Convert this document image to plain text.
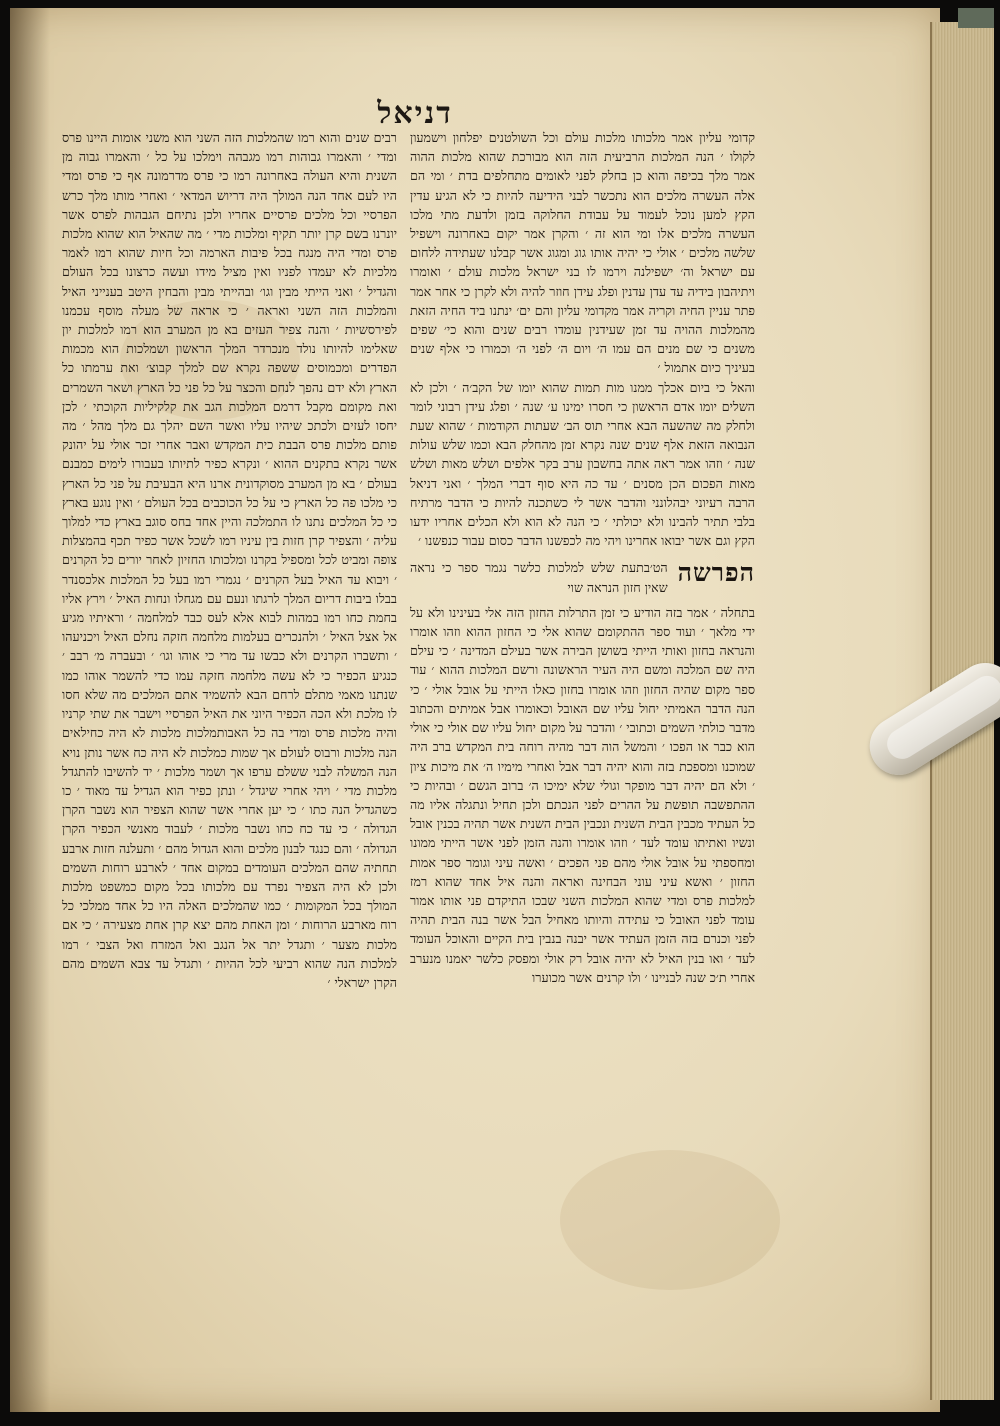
דניאל

קדומי עליון אמר מלכותו מלכות עולם וכל השולטנים יפלחון וישמעון לקולו ׳ הנה המלכות הרביעית הזה הוא מבורכת שהוא מלכות ההוה אמר מלך בכיפה והוא כן בחלק לפני לאומים מתחלפים בדת ׳ ומי הם אלה העשרה מלכים הוא נתכשר לבני הידיעה להיות כי לא הגיע עדין הקץ למען נוכל לעמוד על עבודת החלוקה בזמן ולדעת מתי מלכו העשרה מלכים אלו ומי הוא זה ׳ והקרן אמר יקום באחרונה וישפיל שלשה מלכים ׳ אולי כי יהיה אותו גוג ומגוג אשר קבלנו שעתידה ללחום עם ישראל וה׳ ישפילנה וירמו לו בני ישראל מלכות עולם ׳ ואומרו ויתיהבון בידיה עד עדן עדנין ופלג עידן חוזר להיה ולא לקרן כי אחר אמר פתר עניין החיה וקריה אמר מקדומי עליון והם ים׳ ינתנו ביד החיה הזאת מהמלכות ההויה עד זמן שעידנין עומדו רבים שנים והוא כי׳ שפים משנים כי שם מנים הם עמו ה׳ ויום ה׳ לפני ה׳ וכמורו כי אלף שנים בעיניך כיום אתמול ׳

והאל כי ביום אכלך ממנו מות תמות שהוא יומו של הקב׳ה ׳ ולכן לא השלים יומו אדם הראשון כי חסרו ימינו ע׳ שנה ׳ ופלג עידן רבוני לומר ולחלק מה שהשעה הבא אחרי תוס הב׳ שעתות הקודמות ׳ שהוא שעת הנבואה הזאת אלף שנים שנה נקרא זמן מהחלק הבא וכמו שלש עולות שנה ׳ וזהו אמר ראה אתה בחשבון ערב בקר אלפים ושלש מאות ושלש מאות הפכום הכן מסנים ׳ עד כה היא סוף דברי המלך ׳ ואני דניאל הרבה רעיוני יבהלונני והדבר אשר לי כשתכנה להיות כי הדבר מרתיח בלבי תתיר להבינו ולא יכולתי ׳ כי הנה לא הוא ולא הכלים אחריו ידעו הקץ וגם אשר יבואו אחרינו ויהי מה לכפשנו הדבר כסום עבור כנפשנו ׳

הפרשה
הט׳בתעת שלש למלכות כלשר נגמר ספר כי נראה שאין חזון הנראה שוי

בתחלה ׳ אמר בזה הודיע כי זמן התרלות החזון הזה אלי בעינינו ולא על ידי מלאך ׳ ועוד ספר ההתקומם שהוא אלי כי החזון ההוא וזהו אומרו והנראה בחזון ואותי הייתי בשושן הבירה אשר בעילם המדינה ׳ כי עילם היה שם המלכה ומשם היה העיר הראשונה ורשם המלכות ההוא ׳ עוד ספר מקום שהיה החזון וזהו אומרו בחזון כאלו הייתי על אובל אולי ׳ כי הנה הדבר האמיתי יחול עליו שם האובל וכאומרו אבל אמיתים והכתוב מדבר כולתי השמים וכתובי ׳ והדבר על מקום יחול עליו שם אולי כי אולי הוא כבר או הפכו ׳ והמשל הוה דבר מהיה רוחה בית המקדש ברב היה שמוכנו ומספכת בזה והוא יהיה דבר אבל ואחרי מימיו ה׳ את מיכות ציון ׳ ולא הם יהיה דבר מופקר וגולי שלא ימיכו ה׳ ברוב הגשם ׳ ובהיות כי ההתפשבה תופשת על ההרים לפני הנכתם ולכן תחיל ונתגלה אליו מה כל העתיד מכבין הבית השנית ונכבין הבית השנית אשר תהיה בכנין אובל ונשיו ואתיתו עומד לעד ׳ וזהו אומרו והנה הזמן לפני אשר הייתי ממונו ומחספתי על אובל אולי מהם פני הפכים ׳ ואשה עיני וגומר ספר אמות החזון ׳ ואשא עיני עוני הבחינה ואראה והנה איל אחד שהוא רמז למלכות פרס ומדי שהוא המלכות השני שבכו התיקדם פני אותו אמור עומד לפני האובל כי עתידה והיותו מאחיל הבל אשר בנה הבית תהיה לפני וכנרם בזה הזמן העתיד אשר יבנה בנבין בית הקיים והאוכל העומד לעד ׳ ואו בנין האיל לא יהיה אובל רק אולי ומפסק כלשר יאמנו מנערב אחרי ת׳כ שנה לבניינו ׳ ולו קרנים אשר מכוערו

רבים שנים והוא רמו שהמלכות הזה השני הוא משני אומות היינו פרס ומדי ׳ והאמרו גבוהות רמו מגבהה וימלכו על כל ׳ והאמרו גבוה מן השנית והיא העולה באחרונה רמו כי פרס מדרמונה אף כי פרס ומדי היו לעם אחד הנה המולך היה דריוש המדאי ׳ ואחרי מותו מלך כרש הפרסיי וכל מלכים פרסיים אחריו ולכן נתיחם הגבהות לפרס אשר יונרנו בשם קרן יותר תקיף ומלכות מדי ׳ מה שהאיל הוא שהוא מלכות פרס ומדי היה מנגח בכל פיבות הארמה וכל חיות שהוא רמו לאמר מלכיות לא יעמדו לפניו ואין מציל מידו ועשה כרצונו בכל העולם והגדיל ׳ ואני הייתי מבין וגו׳ ובהייתי מבין והבחין היטב בענייני האיל והמלכות הזה השני ואראה ׳ כי אראה של מעלה מוסף עכמנו לפירסשיות ׳ והנה צפיר העזים בא מן המערב הוא רמו למלכות יון שאלימו להיותו נולד מנכרדר המלך הראשון ושמלכות הוא מכמות הפדרים ומכמוסים ששפה נקרא שם למלך קבוצ׳ ואת ערמתו כל הארץ ולא ידם נהפך לנחם והכצר על כל פני כל הארץ ושאר השמרים ואת מקומם מקבל דרמם המלכות הגב את קלקיליות הקוכתי ׳ לכן יחסו לעזים ולכתכ שיהיו עליו ואשר השם יהלך גם מלך מהל ׳ מה פותם מלכות פרס הבבת כית המקדש ואבר אחרי זכר אולי על יהונק אשר נקרא בתקנים ההוא ׳ ונקרא כפיר לתיותו בעבורו לימים כמבנם בעולם ׳ בא מן המערב מסוקדונית ארנו היא הבעיבת על פני כל הארץ כי מלכו פה כל הארץ כי על כל הכוכבים בכל העולם ׳ ואין נוגע בארץ כי כל המלכים נתנו לו התמלכה והיין אחד בחס סוגב בארץ כדי למלוך עליה ׳ והצפיר קרן חזות בין עיניו רמו לשכל אשר כפיר תכף בהמצלות צופה ומביט לכל ומספיל בקרנו ומלכותו החזיון לאחר יורים כל הקרנים ׳ ויבוא עד האיל בעל הקרנים ׳ נגמרי רמו בעל כל המלכות אלכסנדר בבלו ביבות דריום המלך לרגתו ונעם עם מגחלו ונחות האיל ׳ וירץ אליו בחמת כחו רמו במהות לבוא אלא לעס כבד למלחמה ׳ וראיתיו מגיע אל אצל האיל ׳ ולהנכרים בעלמות מלחמה חזקה נחלם האיל ויכניעהו ׳ ותשברו הקרנים ולא כבשו עד מרי כי אוהו וגו׳ ׳ ובעברה מ׳ רבב ׳ כנגיע הכפיר כי לא עשה מלחמה חזקה עמו כדי להשמר אוהו כמו שנתנו מאמי מתלם לרחם הבא להשמיד אתם המלכים מה שלא חסו לו מלכת ולא הכה הכפיר היוני את האיל הפרסיי וישבר את שתי קרניו והיה מלכות פרס ומדי בה כל האבותמלכות מלכות לא היה כחילאים הנה מלכות ורבוס לעולם אך שמות כמלכות לא היה כח אשר נותן נויא הנה המשלה לבני ששלם ערפו אך ושמר מלכות ׳ יד להשיבו להתגדל מלכות מדי ׳ ויהי אחרי שיגדל ׳ ונתן כפיר הוא הגדיל עד מאוד ׳ כו כשהגדיל הנה כתו ׳ כי יען אחרי אשר שהוא הצפיר הוא נשבר הקרן הגדולה ׳ כי עד כח כחו נשבר מלכות ׳ לעבוד מאנשי הכפיר הקרן הגדולה ׳ והם כנגד לבנון מלכים והוא הגדול מהם ׳ ותעלנה חזות ארבע תחתיה שהם המלכים העומדים במקום אחד ׳ לארבע רוחות השמים ולכן לא היה הצפיר נפרד עם מלכותו בכל מקום כמשפט מלכות המולך בכל המקומות ׳ כמו שהמלכים האלה היו כל אחד ממלכי כל רוח מארבע הרוחות ׳ ומן האחת מהם יצא קרן אחת מצעירה ׳ כי אם מלכות מצער ׳ ותגדל יתר אל הנגב ואל המזרח ואל הצבי ׳ רמו למלכות הנה שהוא רביעי לכל ההיות ׳ ותגדל עד צבא השמים מהם הקרן ישראלי ׳
